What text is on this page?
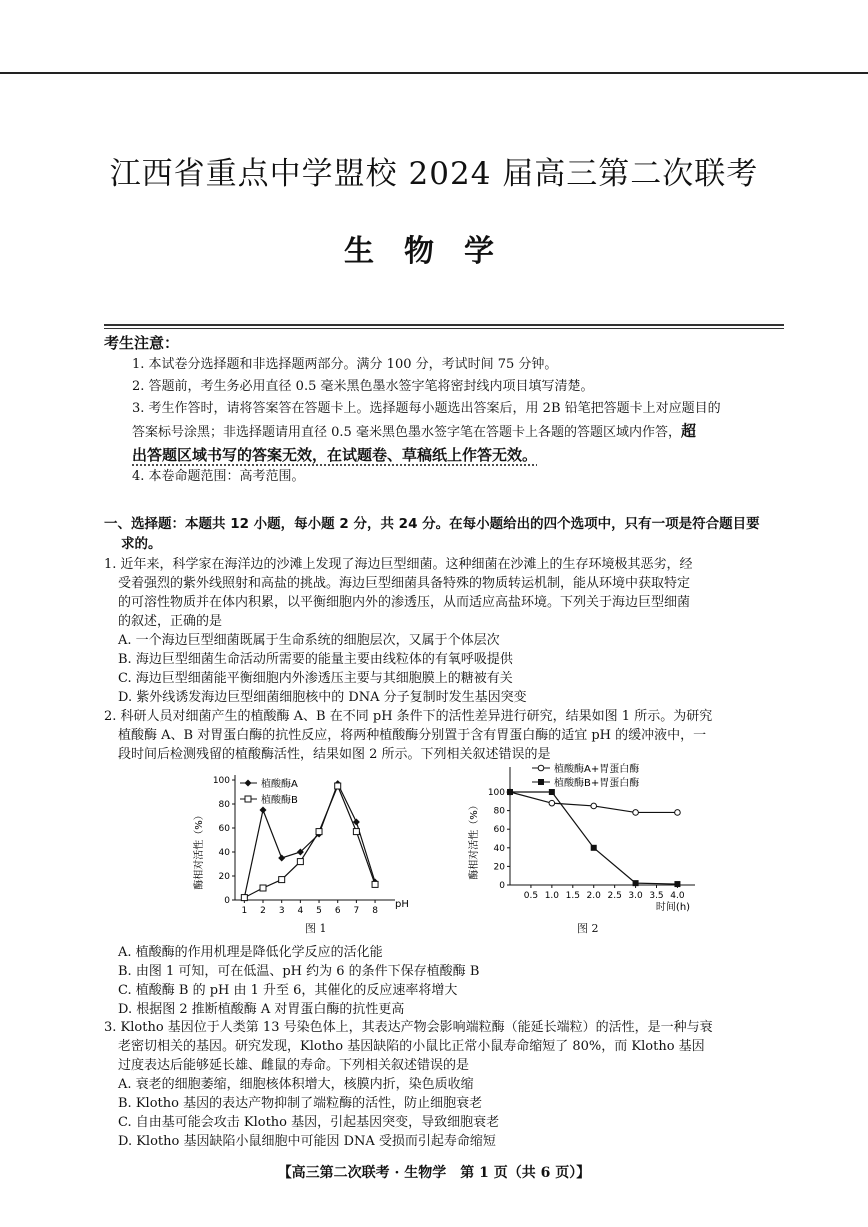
江西省重点中学盟校 2024 届高三第二次联考
生物学
考生注意：
1. 本试卷分选择题和非选择题两部分。满分 100 分，考试时间 75 分钟。
2. 答题前，考生务必用直径 0.5 毫米黑色墨水签字笔将密封线内项目填写清楚。
3. 考生作答时，请将答案答在答题卡上。选择题每小题选出答案后，用 2B 铅笔把答题卡上对应题目的
答案标号涂黑；非选择题请用直径 0.5 毫米黑色墨水签字笔在答题卡上各题的答题区域内作答，超
出答题区域书写的答案无效，在试题卷、草稿纸上作答无效。
4. 本卷命题范围：高考范围。
一、选择题：本题共 12 小题，每小题 2 分，共 24 分。在每小题给出的四个选项中，只有一项是符合题目要
求的。
1. 近年来，科学家在海洋边的沙滩上发现了海边巨型细菌。这种细菌在沙滩上的生存环境极其恶劣，经
受着强烈的紫外线照射和高盐的挑战。海边巨型细菌具备特殊的物质转运机制，能从环境中获取特定
的可溶性物质并在体内积累，以平衡细胞内外的渗透压，从而适应高盐环境。下列关于海边巨型细菌
的叙述，正确的是
A. 一个海边巨型细菌既属于生命系统的细胞层次，又属于个体层次
B. 海边巨型细菌生命活动所需要的能量主要由线粒体的有氧呼吸提供
C. 海边巨型细菌能平衡细胞内外渗透压主要与其细胞膜上的糖被有关
D. 紫外线诱发海边巨型细菌细胞核中的 DNA 分子复制时发生基因突变
2. 科研人员对细菌产生的植酸酶 A、B 在不同 pH 条件下的活性差异进行研究，结果如图 1 所示。为研究
植酸酶 A、B 对胃蛋白酶的抗性反应，将两种植酸酶分别置于含有胃蛋白酶的适宜 pH 的缓冲液中，一
段时间后检测残留的植酸酶活性，结果如图 2 所示。下列相关叙述错误的是
酶相对活性（%）
pH
0
20
40
60
80
100
1 2 3 4 5 6 7 8
植酸酶A
植酸酶B
图 1
酶相对活性（%）
时间(h)
0
20
40
60
80
100
0.5 1.0 1.5 2.0 2.5 3.0 3.5 4.0
植酸酶A+胃蛋白酶
植酸酶B+胃蛋白酶
图 2
A. 植酸酶的作用机理是降低化学反应的活化能
B. 由图 1 可知，可在低温、pH 约为 6 的条件下保存植酸酶 B
C. 植酸酶 B 的 pH 由 1 升至 6，其催化的反应速率将增大
D. 根据图 2 推断植酸酶 A 对胃蛋白酶的抗性更高
3. Klotho 基因位于人类第 13 号染色体上，其表达产物会影响端粒酶（能延长端粒）的活性，是一种与衰
老密切相关的基因。研究发现，Klotho 基因缺陷的小鼠比正常小鼠寿命缩短了 80%，而 Klotho 基因
过度表达后能够延长雄、雌鼠的寿命。下列相关叙述错误的是
A. 衰老的细胞萎缩，细胞核体积增大，核膜内折，染色质收缩
B. Klotho 基因的表达产物抑制了端粒酶的活性，防止细胞衰老
C. 自由基可能会攻击 Klotho 基因，引起基因突变，导致细胞衰老
D. Klotho 基因缺陷小鼠细胞中可能因 DNA 受损而引起寿命缩短
【高三第二次联考 · 生物学　第 1 页（共 6 页）】
